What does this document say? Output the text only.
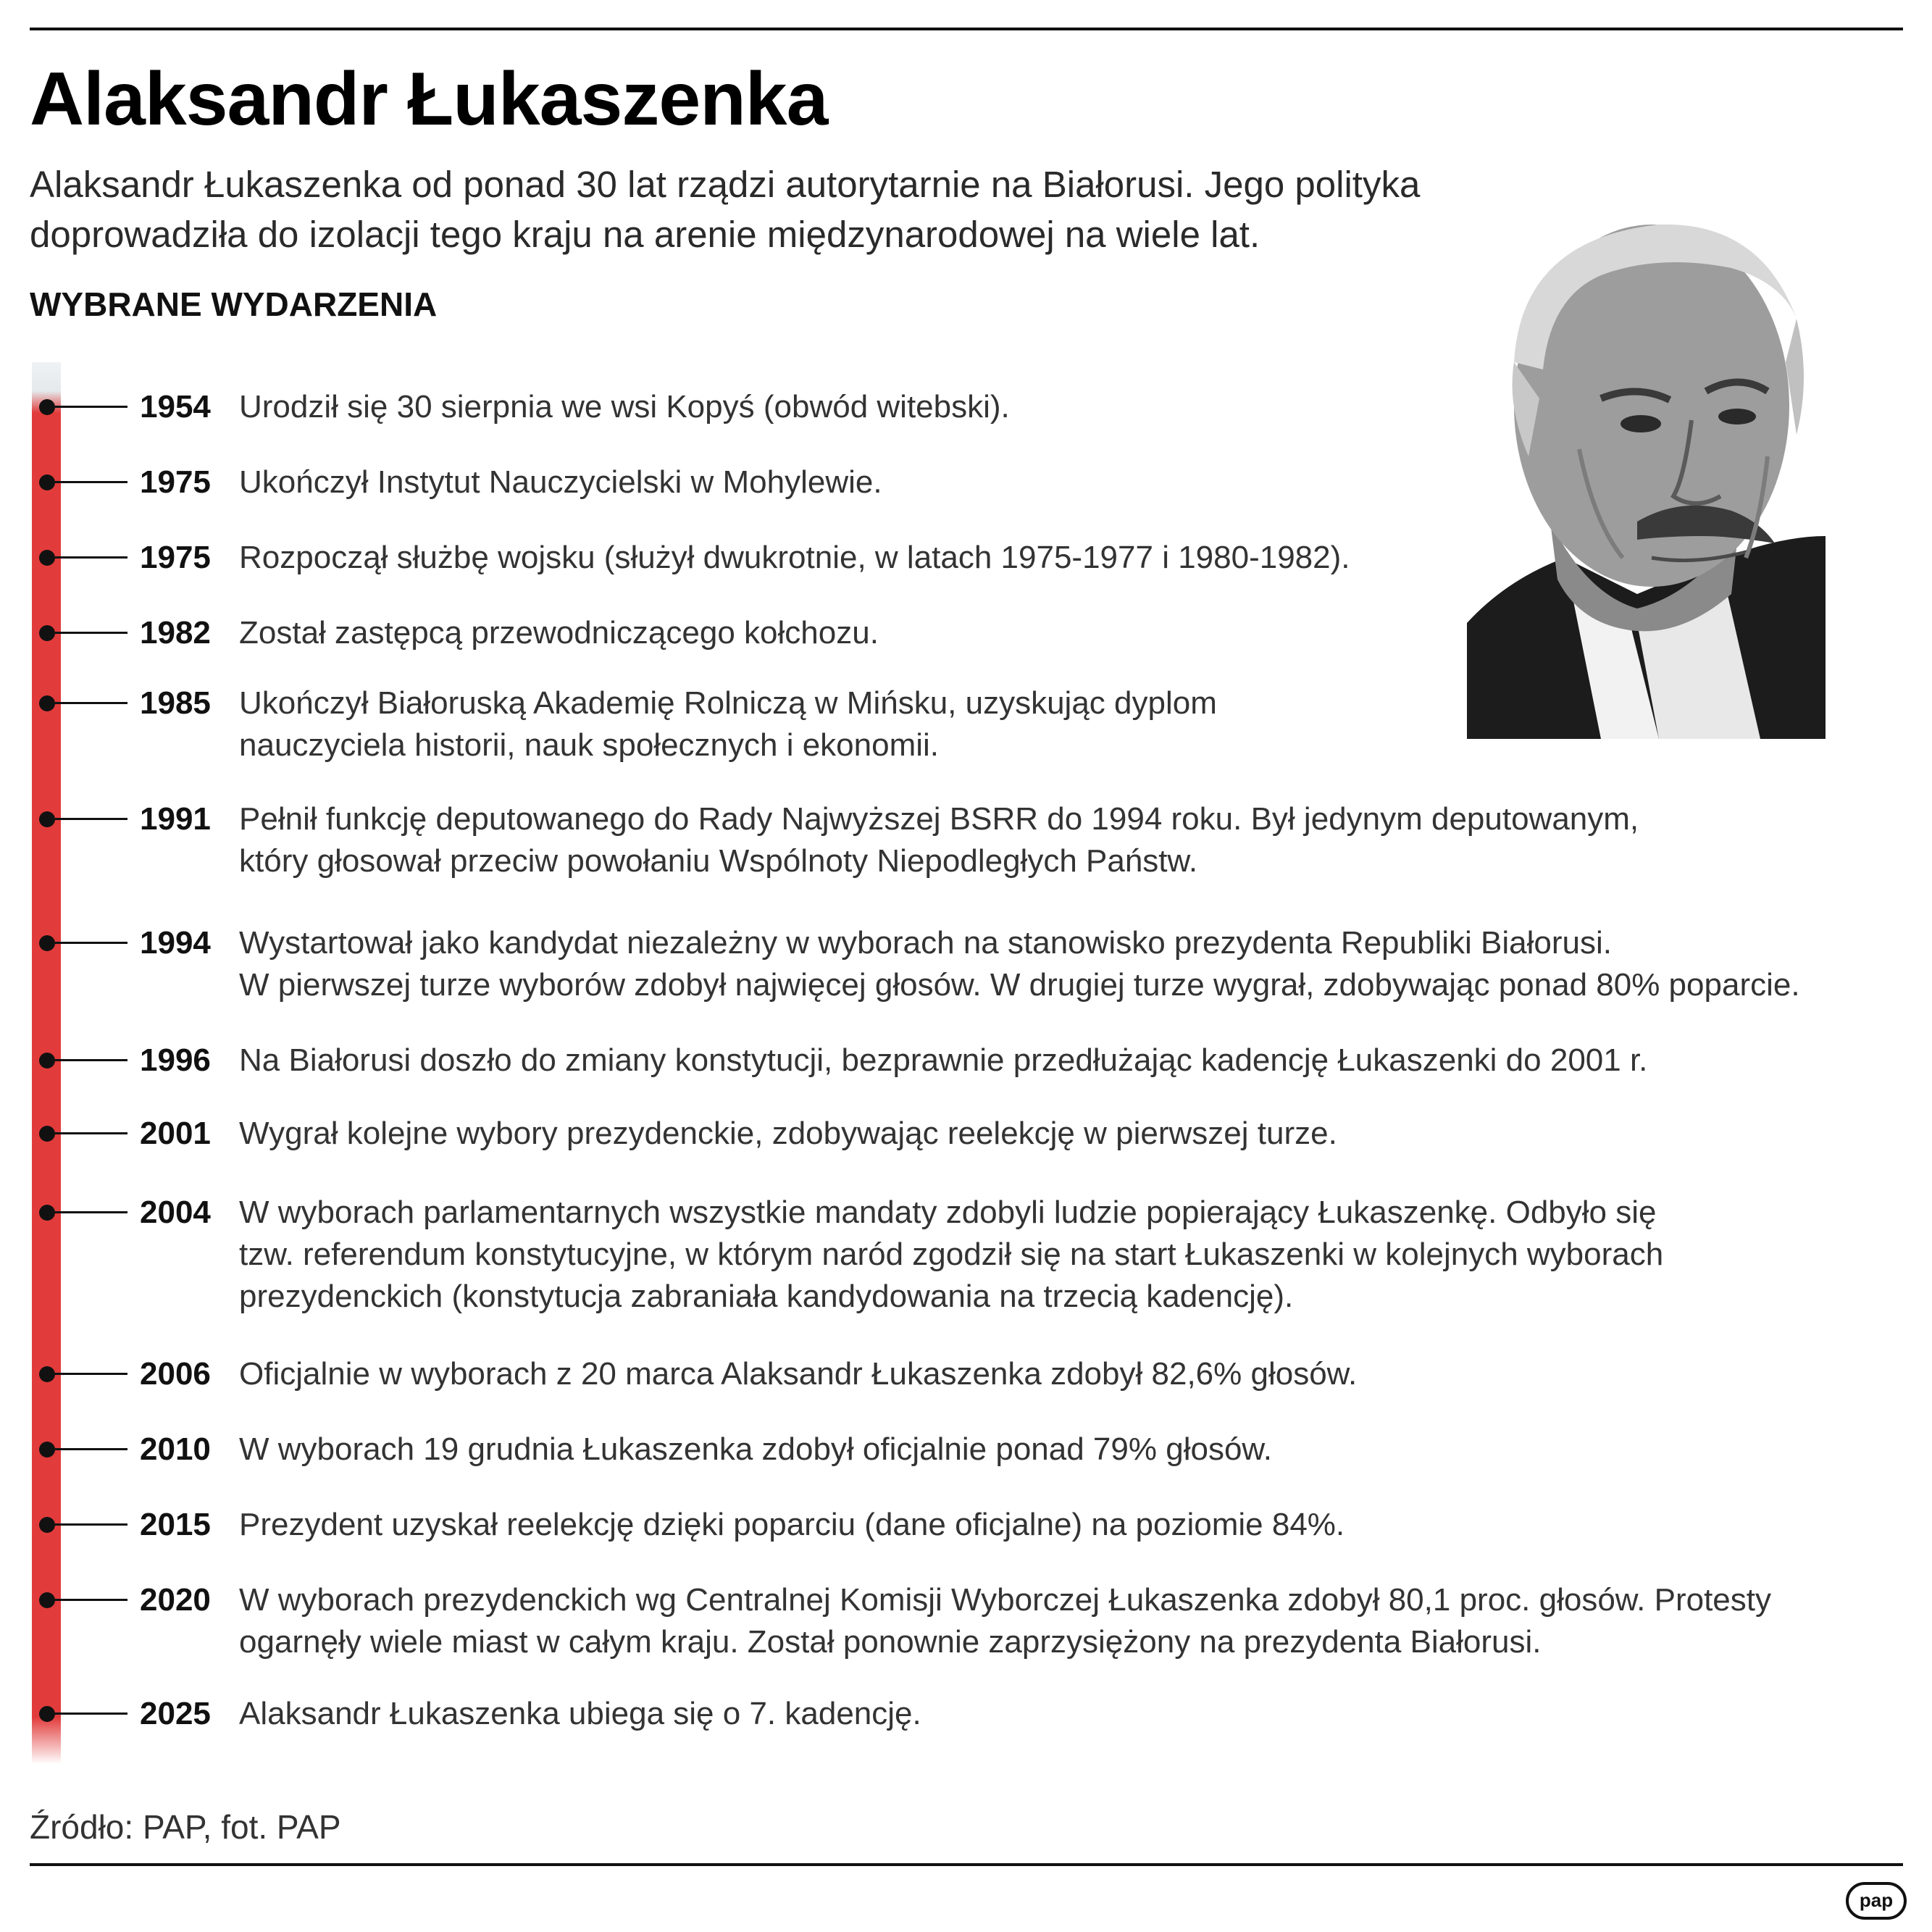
Alaksandr Łukaszenka

Alaksandr Łukaszenka od ponad 30 lat rządzi autorytarnie na Białorusi. Jego polityka doprowadziła do izolacji tego kraju na arenie międzynarodowej na wiele lat.

WYBRANE WYDARZENIA
1954 Urodził się 30 sierpnia we wsi Kopyś (obwód witebski).
1975 Ukończył Instytut Nauczycielski w Mohylewie.
1975 Rozpoczął służbę wojsku (służył dwukrotnie, w latach 1975-1977 i 1980-1982).
1982 Został zastępcą przewodniczącego kołchozu.
1985 Ukończył Białoruską Akademię Rolniczą w Mińsku, uzyskując dyplom
nauczyciela historii, nauk społecznych i ekonomii.
1991 Pełnił funkcję deputowanego do Rady Najwyższej BSRR do 1994 roku. Był jedynym deputowanym,
który głosował przeciw powołaniu Wspólnoty Niepodległych Państw.
1994 Wystartował jako kandydat niezależny w wyborach na stanowisko prezydenta Republiki Białorusi.
W pierwszej turze wyborów zdobył najwięcej głosów. W drugiej turze wygrał, zdobywając ponad 80% poparcie.
1996 Na Białorusi doszło do zmiany konstytucji, bezprawnie przedłużając kadencję Łukaszenki do 2001 r.
2001 Wygrał kolejne wybory prezydenckie, zdobywając reelekcję w pierwszej turze.
2004 W wyborach parlamentarnych wszystkie mandaty zdobyli ludzie popierający Łukaszenkę. Odbyło się
tzw. referendum konstytucyjne, w którym naród zgodził się na start Łukaszenki w kolejnych wyborach
prezydenckich (konstytucja zabraniała kandydowania na trzecią kadencję).
2006 Oficjalnie w wyborach z 20 marca Alaksandr Łukaszenka zdobył 82,6% głosów.
2010 W wyborach 19 grudnia Łukaszenka zdobył oficjalnie ponad 79% głosów.
2015 Prezydent uzyskał reelekcję dzięki poparciu (dane oficjalne) na poziomie 84%.
2020 W wyborach prezydenckich wg Centralnej Komisji Wyborczej Łukaszenka zdobył 80,1 proc. głosów. Protesty
ogarnęły wiele miast w całym kraju. Został ponownie zaprzysiężony na prezydenta Białorusi.
2025 Alaksandr Łukaszenka ubiega się o 7. kadencję.
Źródło: PAP, fot. PAP
pap
